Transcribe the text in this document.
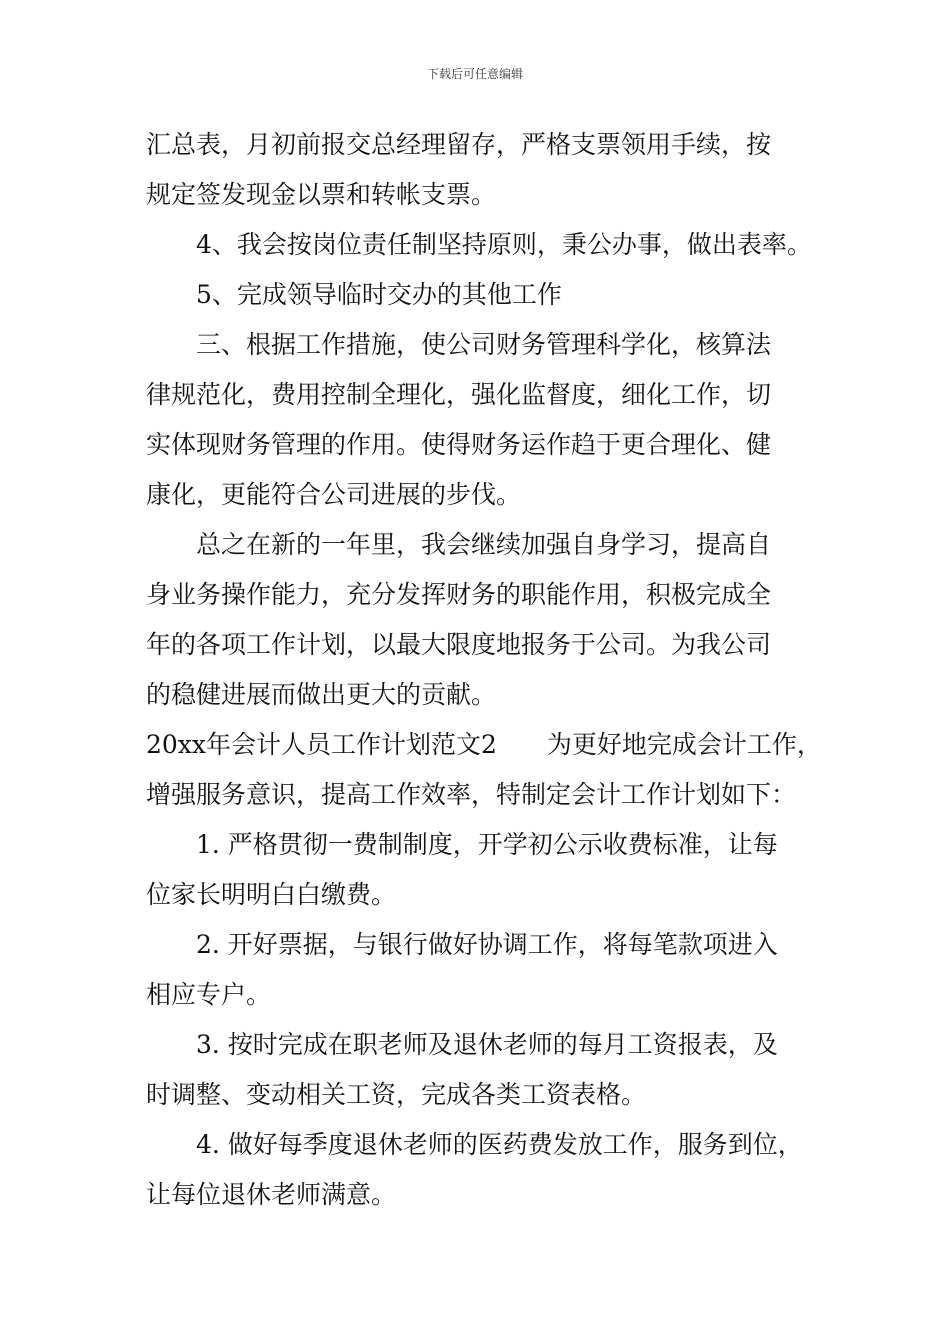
下载后可任意编辑
汇总表，月初前报交总经理留存，严格支票领用手续，按
规定签发现金以票和转帐支票。
4、我会按岗位责任制坚持原则，秉公办事，做出表率。
5、完成领导临时交办的其他工作
三、根据工作措施，使公司财务管理科学化，核算法
律规范化，费用控制全理化，强化监督度，细化工作，切
实体现财务管理的作用。使得财务运作趋于更合理化、健
康化，更能符合公司进展的步伐。
总之在新的一年里，我会继续加强自身学习，提高自
身业务操作能力，充分发挥财务的职能作用，积极完成全
年的各项工作计划，以最大限度地报务于公司。为我公司
的稳健进展而做出更大的贡献。
20xx年会计人员工作计划范文2 为更好地完成会计工作，
增强服务意识，提高工作效率，特制定会计工作计划如下：
1. 严格贯彻一费制制度，开学初公示收费标准，让每
位家长明明白白缴费。
2. 开好票据，与银行做好协调工作，将每笔款项进入
相应专户。
3. 按时完成在职老师及退休老师的每月工资报表，及
时调整、变动相关工资，完成各类工资表格。
4. 做好每季度退休老师的医药费发放工作，服务到位，
让每位退休老师满意。
